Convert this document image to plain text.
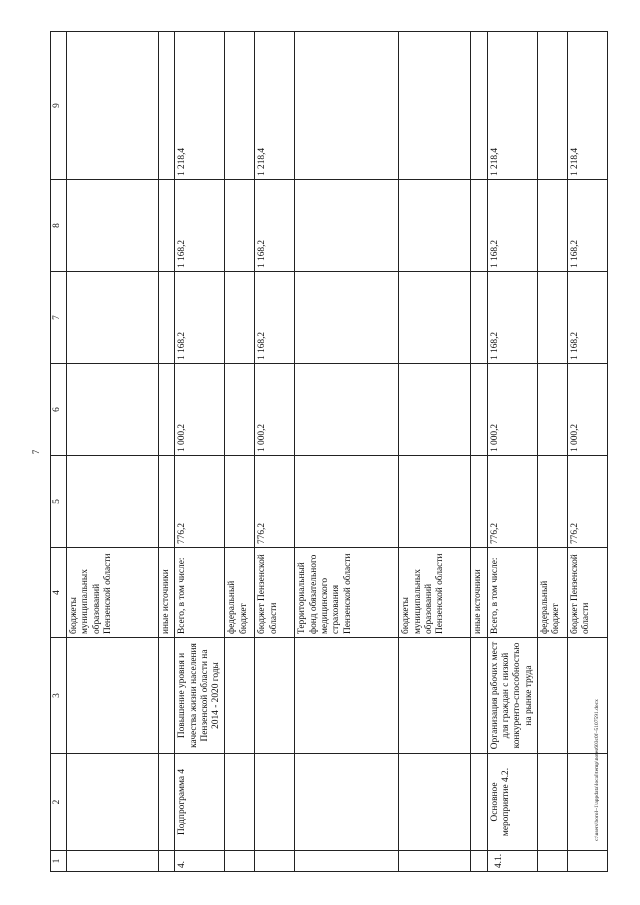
7
c:\users\borol~1\appdata\local\temp\notes603c0f~5107591.docx
1	2	3	4	5	6	7	8	9
			бюджеты муниципальных образований Пензенской области					
			иные источники					
4.	Подпрограмма 4	Повышение уровня и качества жизни населения Пензенской области на 2014 - 2020 годы	Всего, в том числе:	776,2	1 000,2	1 168,2	1 168,2	1 218,4
			федеральный бюджет					
			бюджет Пензенской области	776,2	1 000,2	1 168,2	1 168,2	1 218,4
			Территориальный фонд обязательного медицинского страхования Пензенской области					
			бюджеты муниципальных образований Пензенской области					
			иные источники					
4.1.	Основное мероприятие 4.2.	Организация рабочих мест для граждан с низкой конкуренто-способностью на рынке труда	Всего, в том числе:	776,2	1 000,2	1 168,2	1 168,2	1 218,4
			федеральный бюджет					
			бюджет Пензенской области	776,2	1 000,2	1 168,2	1 168,2	1 218,4
